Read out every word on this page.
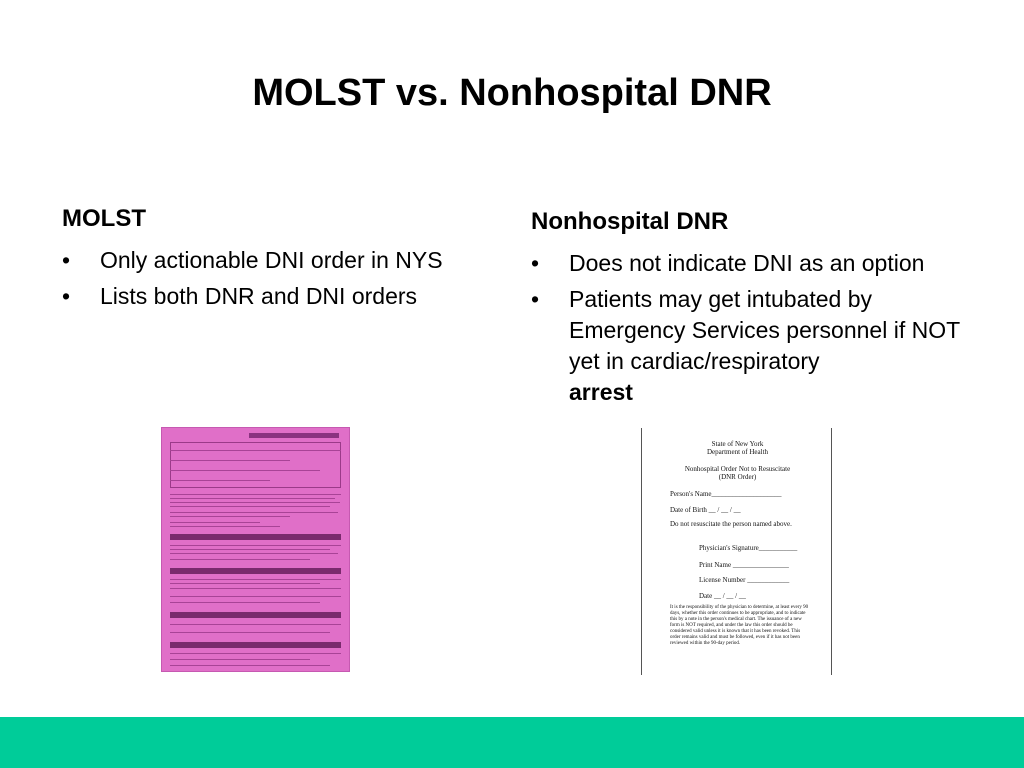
MOLST vs. Nonhospital DNR
MOLST
• Only actionable DNI order in NYS
• Lists both DNR and DNI orders
Nonhospital DNR
• Does not indicate DNI as an option
• Patients may get intubated by Emergency Services personnel if NOT yet in cardiac/respiratory
arrest
State of New York
Department of Health
Nonhospital Order Not to Resuscitate
(DNR Order)
Person's Name____________________
Date of Birth __ / __ / __
Do not resuscitate the person named above.
Physician's Signature___________
Print Name ________________
License Number ____________
Date __ / __ / __
It is the responsibility of the physician to determine, at least every 90 days, whether this order continues to be appropriate, and to indicate this by a note in the person's medical chart. The issuance of a new form is NOT required, and under the law this order should be considered valid unless it is known that it has been revoked. This order remains valid and must be followed, even if it has not been reviewed within the 90-day period.
